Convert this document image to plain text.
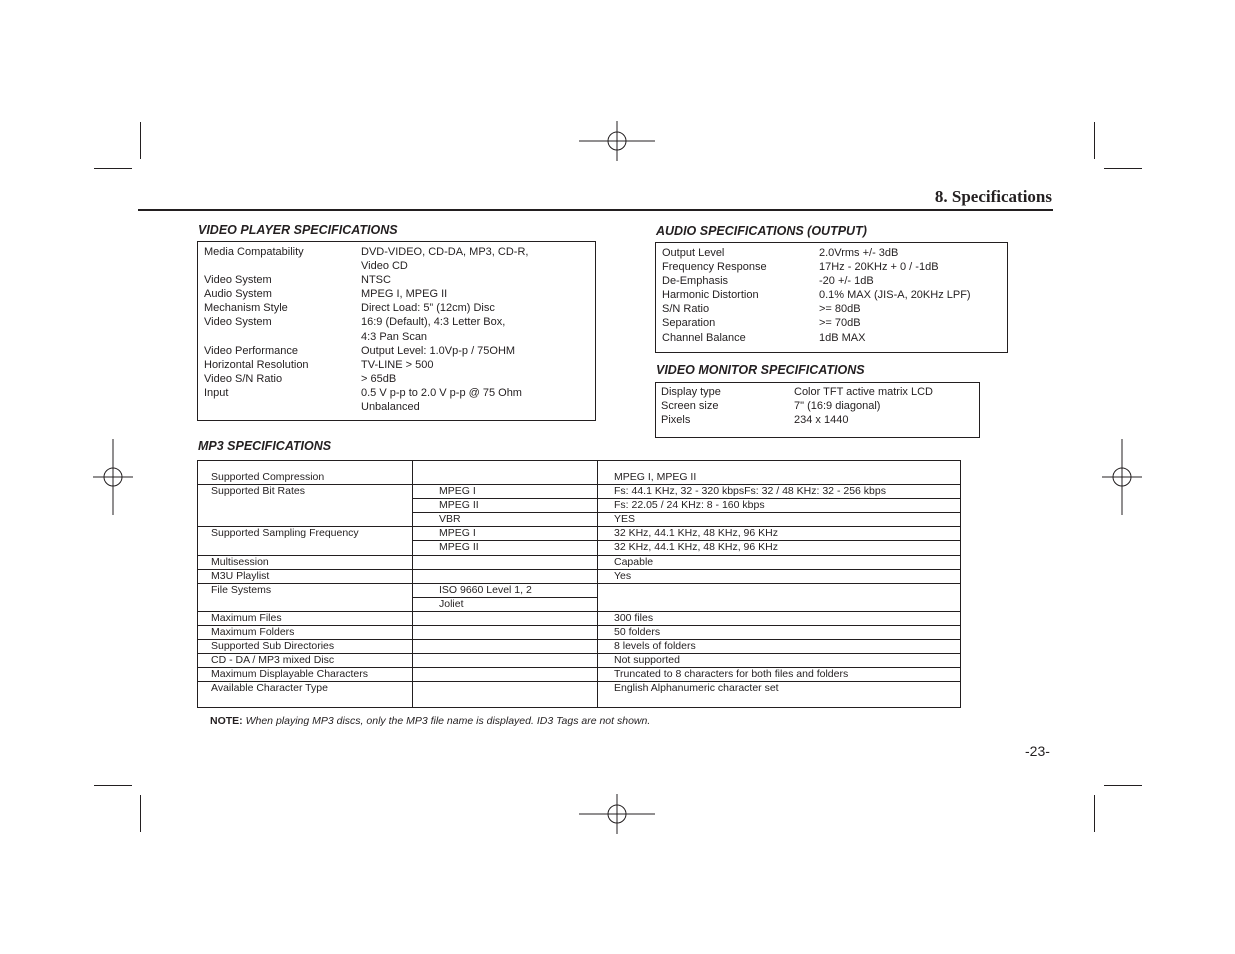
8. Specifications
VIDEO PLAYER SPECIFICATIONS
Media Compatability	DVD-VIDEO, CD-DA, MP3, CD-R,
Video CD
Video System	NTSC
Audio System	MPEG I, MPEG II
Mechanism Style	Direct Load: 5” (12cm) Disc
Video System	16:9 (Default), 4:3 Letter Box,
4:3 Pan Scan
Video Performance	Output Level: 1.0Vp-p / 75OHM
Horizontal Resolution	TV-LINE > 500
Video S/N Ratio	> 65dB
Input	0.5 V p-p to 2.0 V p-p @ 75 Ohm
Unbalanced
AUDIO SPECIFICATIONS (OUTPUT)
Output Level	2.0Vrms +/- 3dB
Frequency Response	17Hz - 20KHz + 0 / -1dB
De-Emphasis	-20 +/- 1dB
Harmonic Distortion	0.1% MAX (JIS-A, 20KHz LPF)
S/N Ratio	>= 80dB
Separation	>= 70dB
Channel Balance	1dB MAX
VIDEO MONITOR SPECIFICATIONS
Display type	Color TFT active matrix LCD
Screen size	7" (16:9 diagonal)
Pixels	234 x 1440
MP3 SPECIFICATIONS
Supported Compression		MPEG I, MPEG II
Supported Bit Rates	MPEG I	Fs: 44.1 KHz, 32 - 320 kbpsFs: 32 / 48 KHz: 32 - 256 kbps
	MPEG II	Fs: 22.05 / 24 KHz: 8 - 160 kbps
	VBR	YES
Supported Sampling Frequency	MPEG I	32 KHz, 44.1 KHz, 48 KHz, 96 KHz
	MPEG II	32 KHz, 44.1 KHz, 48 KHz, 96 KHz
Multisession		Capable
M3U Playlist		Yes
File Systems	ISO 9660 Level 1, 2	
	Joliet	
Maximum Files		300 files
Maximum Folders		50 folders
Supported Sub Directories		8 levels of folders
CD - DA / MP3 mixed Disc		Not supported
Maximum Displayable Characters		Truncated to 8 characters for both files and folders
Available Character Type		English Alphanumeric character set
NOTE: When playing MP3 discs, only the MP3 file name is displayed. ID3 Tags are not shown.
-23-
